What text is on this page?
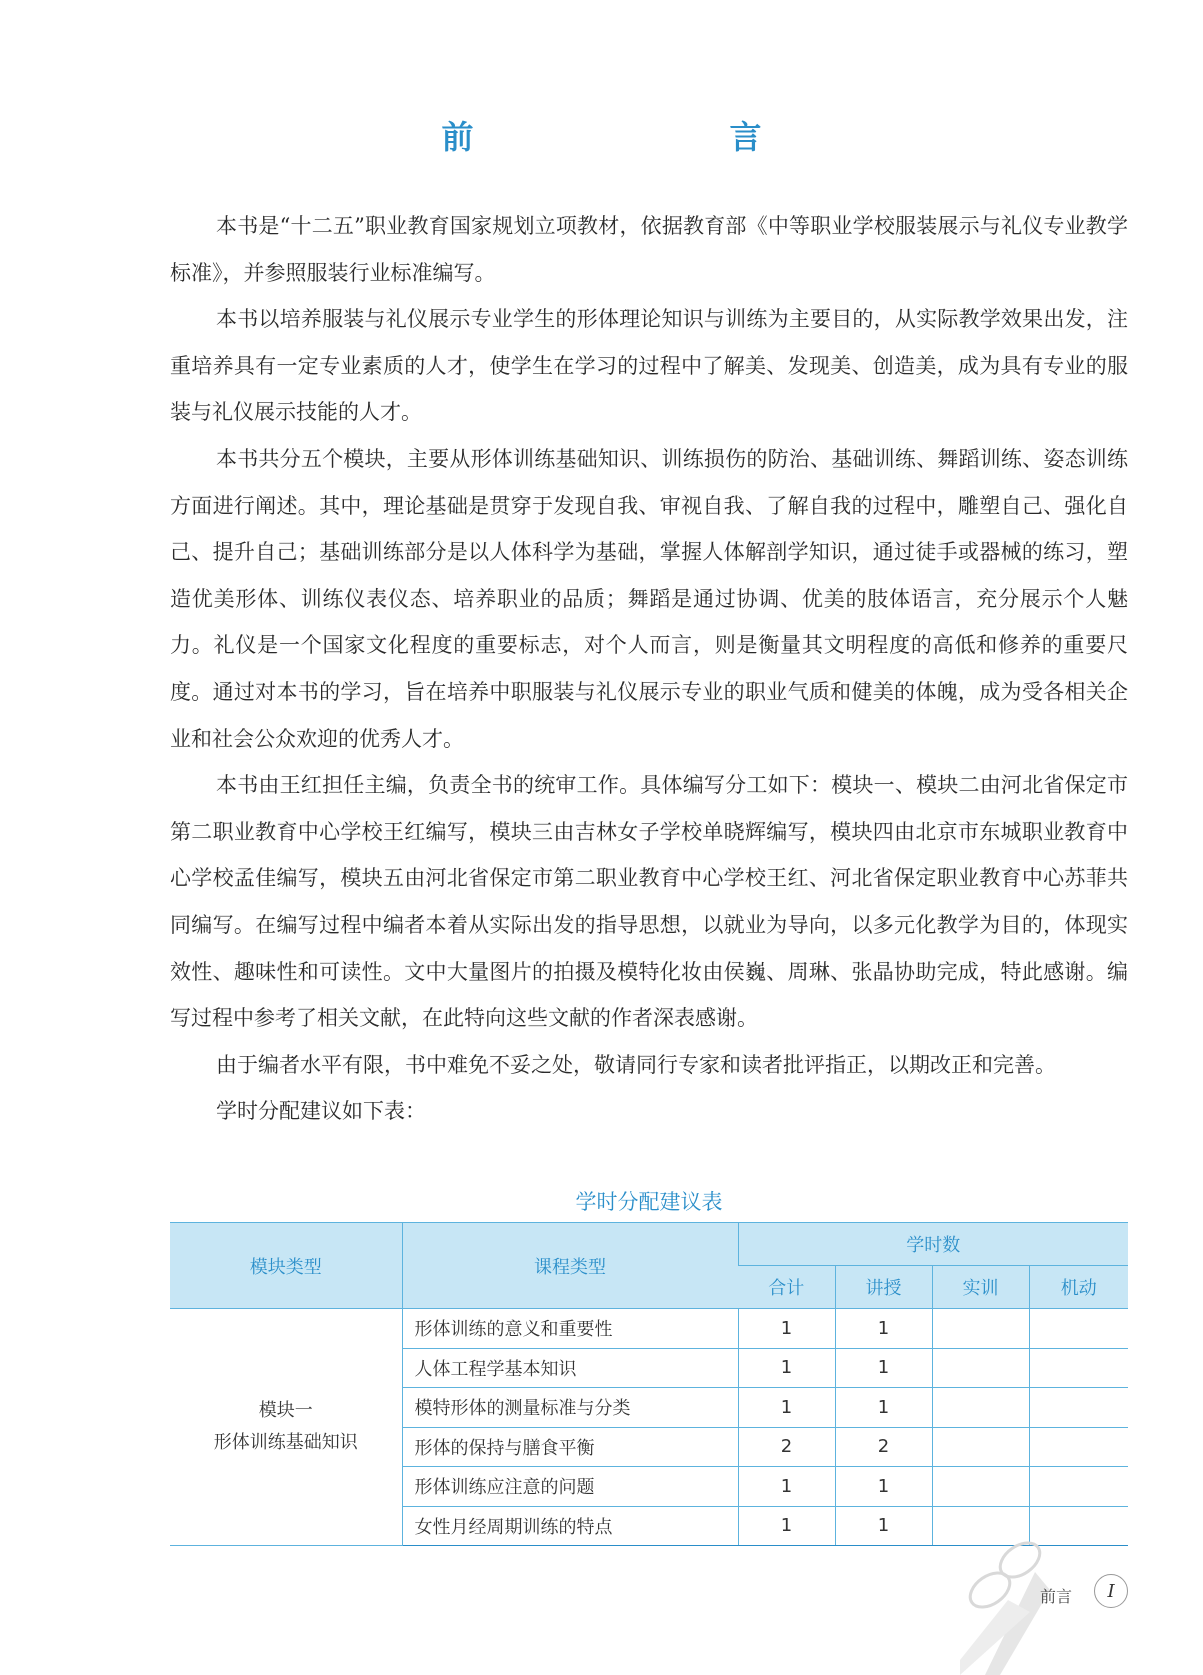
前　　言

本书是“十二五”职业教育国家规划立项教材，依据教育部《中等职业学校服装展示与礼仪专业教学标准》，并参照服装行业标准编写。

本书以培养服装与礼仪展示专业学生的形体理论知识与训练为主要目的，从实际教学效果出发，注重培养具有一定专业素质的人才，使学生在学习的过程中了解美、发现美、创造美，成为具有专业的服装与礼仪展示技能的人才。

本书共分五个模块，主要从形体训练基础知识、训练损伤的防治、基础训练、舞蹈训练、姿态训练方面进行阐述。其中，理论基础是贯穿于发现自我、审视自我、了解自我的过程中，雕塑自己、强化自己、提升自己；基础训练部分是以人体科学为基础，掌握人体解剖学知识，通过徒手或器械的练习，塑造优美形体、训练仪表仪态、培养职业的品质；舞蹈是通过协调、优美的肢体语言，充分展示个人魅力。礼仪是一个国家文化程度的重要标志，对个人而言，则是衡量其文明程度的高低和修养的重要尺度。通过对本书的学习，旨在培养中职服装与礼仪展示专业的职业气质和健美的体魄，成为受各相关企业和社会公众欢迎的优秀人才。

本书由王红担任主编，负责全书的统审工作。具体编写分工如下：模块一、模块二由河北省保定市第二职业教育中心学校王红编写，模块三由吉林女子学校单晓辉编写，模块四由北京市东城职业教育中心学校孟佳编写，模块五由河北省保定市第二职业教育中心学校王红、河北省保定职业教育中心苏菲共同编写。在编写过程中编者本着从实际出发的指导思想，以就业为导向，以多元化教学为目的，体现实效性、趣味性和可读性。文中大量图片的拍摄及模特化妆由侯巍、周琳、张晶协助完成，特此感谢。编写过程中参考了相关文献，在此特向这些文献的作者深表感谢。

由于编者水平有限，书中难免不妥之处，敬请同行专家和读者批评指正，以期改正和完善。

学时分配建议如下表：

学时分配建议表
模块类型	课程类型	学时数			
		合计	讲授	实训	机动

模块一
形体训练基础知识	形体训练的意义和重要性	1	1		
	人体工程学基本知识	1	1		
	模特形体的测量标准与分类	1	1		
	形体的保持与膳食平衡	2	2		
	形体训练应注意的问题	1	1		
	女性月经周期训练的特点	1	1		
前言	I
